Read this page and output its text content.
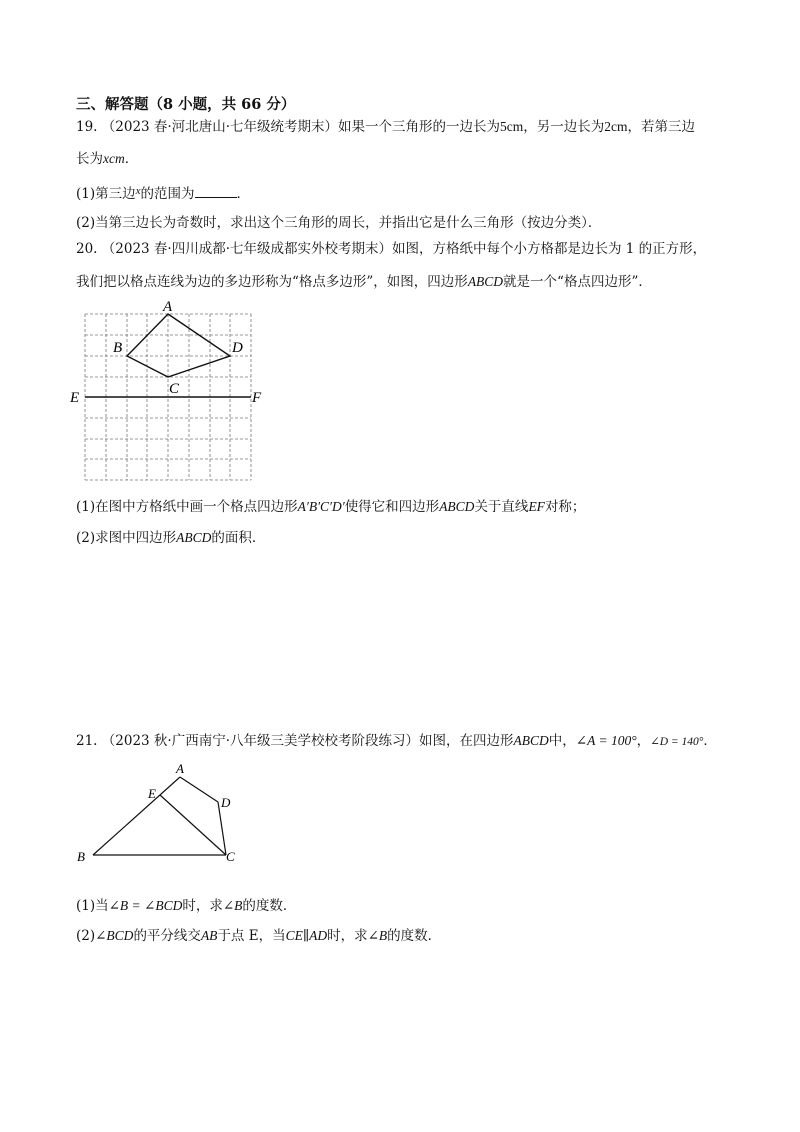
三、解答题（8 小题，共 66 分）
19. （2023 春·河北唐山·七年级统考期末）如果一个三角形的一边长为5cm，另一边长为2cm，若第三边
长为xcm．
(1)第三边$^x$的范围为	．
(2)当第三边长为奇数时，求出这个三角形的周长，并指出它是什么三角形（按边分类）．
20. （2023 春·四川成都·七年级成都实外校考期末）如图，方格纸中每个小方格都是边长为 1 的正方形，
我们把以格点连线为边的多边形称为“格点多边形”，如图，四边形ABCD就是一个“格点四边形”．
A
B
C
D
E	F
(1)在图中方格纸中画一个格点四边形A′B′C′D′使得它和四边形ABCD关于直线EF对称；
(2)求图中四边形ABCD的面积．
21. （2023 秋·广西南宁·八年级三美学校校考阶段练习）如图，在四边形ABCD中，∠A = 100°，∠D = 140°．
A
E
D
B	C
(1)当∠B = ∠BCD时，求∠B的度数．
(2)∠BCD的平分线交AB于点 E，当CE∥AD时，求∠B的度数．
